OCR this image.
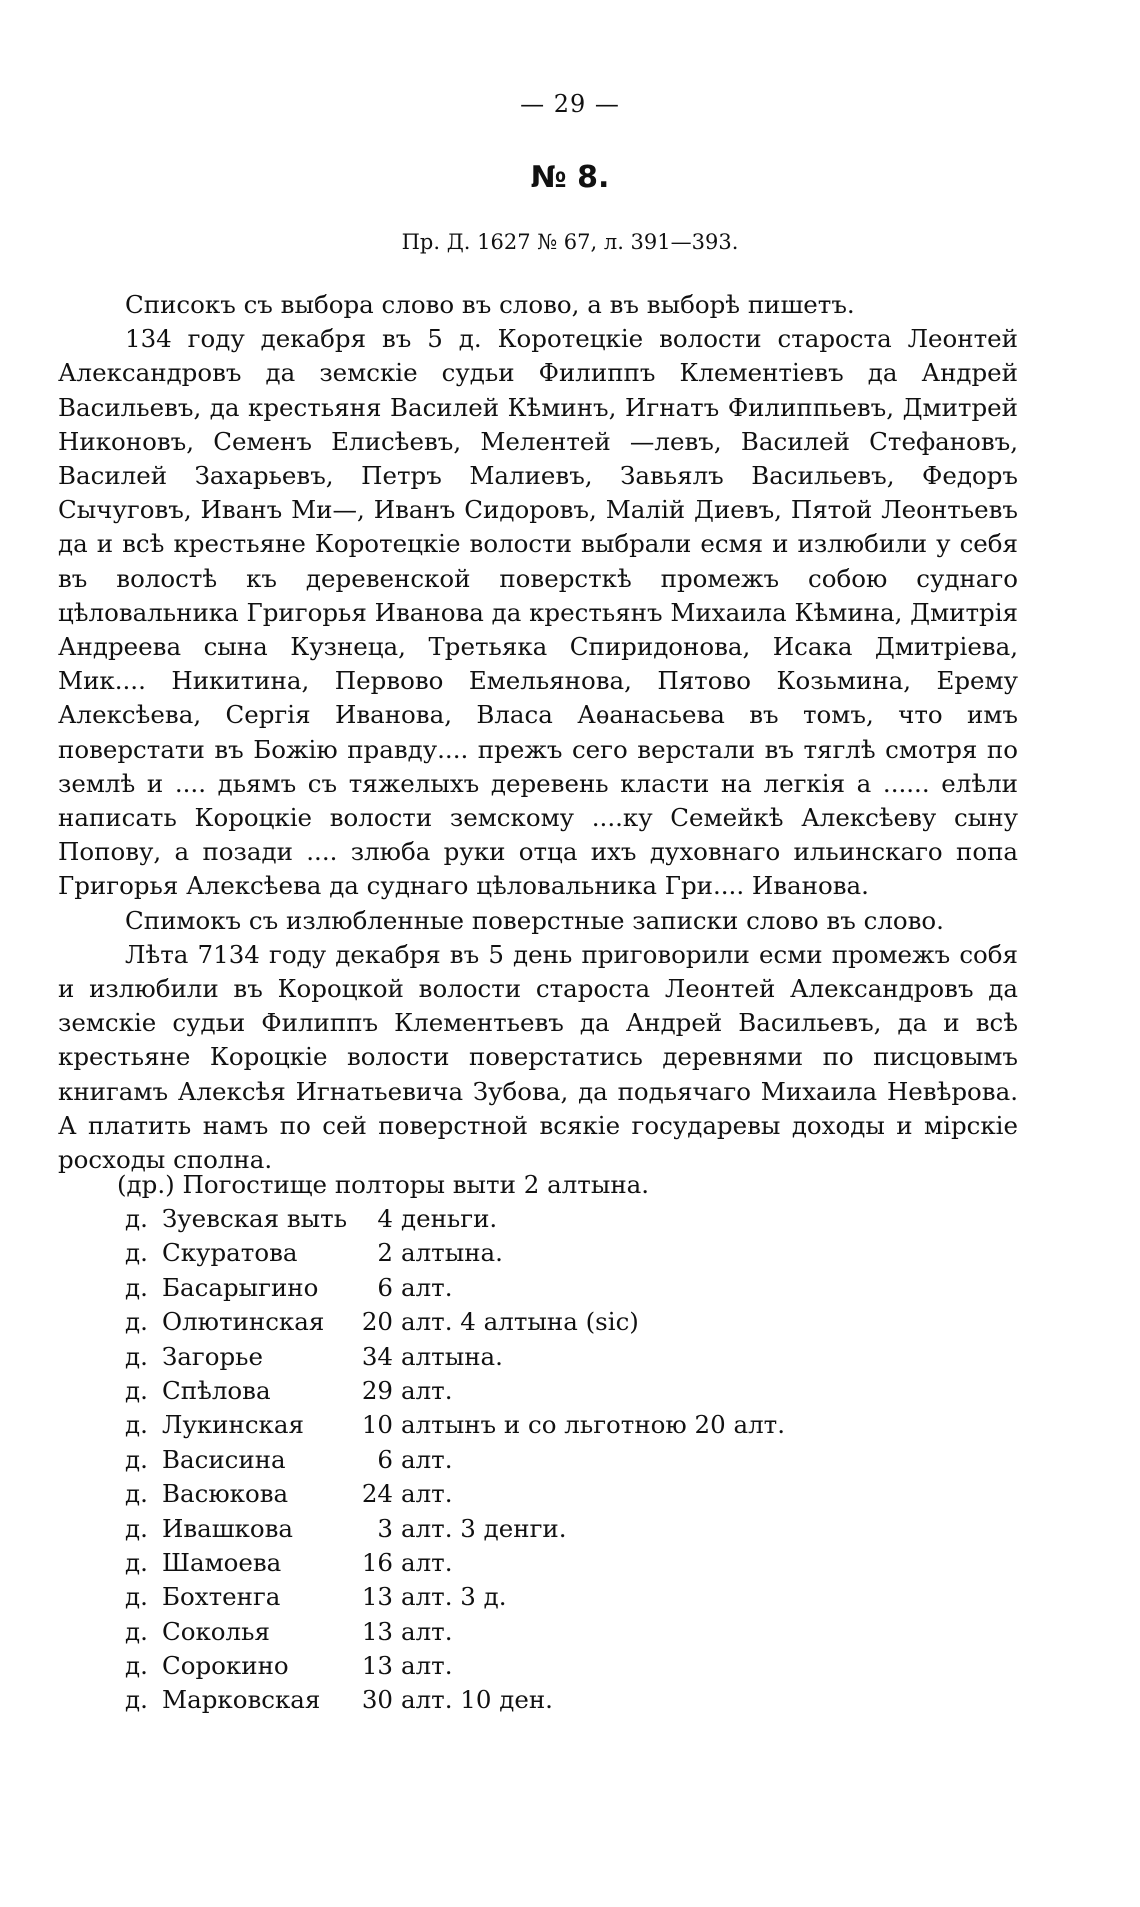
— 29 —
№ 8.
Пр. Д. 1627 № 67, л. 391—393.

Списокъ съ выбора слово въ слово, а въ выборѣ пишетъ.

134 году декабря въ 5 д. Коротецкіе волости староста Леонтей Александровъ да земскіе судьи Филиппъ Клементіевъ да Андрей Васильевъ, да крестьяня Василей Кѣминъ, Игнатъ Филиппьевъ, Дмитрей Никоновъ, Семенъ Елисѣевъ, Мелентей —левъ, Василей Стефановъ, Василей Захарьевъ, Петръ Малиевъ, Завьялъ Васильевъ, Федоръ Сычуговъ, Иванъ Ми—, Иванъ Сидоровъ, Малій Диевъ, Пятой Леонтьевъ да и всѣ крестьяне Коротецкіе волости выбрали есмя и излюбили у себя въ волостѣ къ деревенской поверсткѣ промежъ собою суднаго цѣловальника Григорья Иванова да крестьянъ Михаила Кѣмина, Дмитрія Андреева сына Кузнеца, Третьяка Спиридонова, Исака Дмитріева, Мик.... Никитина, Первово Емельянова, Пятово Козьмина, Ерему Алексѣева, Сергія Иванова, Власа Аѳанасьева въ томъ, что имъ поверстати въ Божію правду.... прежъ сего верстали въ тяглѣ смотря по землѣ и .... дьямъ съ тяжелыхъ деревень класти на легкія а ...... елѣли написать Короцкіе волости земскому ....ку Семейкѣ Алексѣеву сыну Попову, а позади .... злюба руки отца ихъ духовнаго ильинскаго попа Григорья Алексѣева да суднаго цѣловальника Гри.... Иванова.

Спимокъ съ излюбленные поверстные записки слово въ слово.

Лѣта 7134 году декабря въ 5 день приговорили есми промежъ собя и излюбили въ Короцкой волости староста Леонтей Александровъ да земскіе судьи Филиппъ Клементьевъ да Андрей Васильевъ, да и всѣ крестьяне Короцкіе волости поверстатись деревнями по писцовымъ книгамъ Алексѣя Игнатьевича Зубова, да подьячаго Михаила Невѣрова. А платить намъ по сей поверстной всякіе государевы доходы и мірскіе росходы сполна.

(др.) Погостище полторы выти 2 алтына.
д. Зуевская выть	4 деньги.
д. Скуратова	2 алтына.
д. Басарыгино	6 алт.
д. Олютинская	20 алт. 4 алтына (sic)
д. Загорье	34 алтына.
д. Спѣлова	29 алт.
д. Лукинская	10 алтынъ и со льготною 20 алт.
д. Васисина	6 алт.
д. Васюкова	24 алт.
д. Ивашкова	3 алт. 3 денги.
д. Шамоева	16 алт.
д. Бохтенга	13 алт. 3 д.
д. Соколья	13 алт.
д. Сорокино	13 алт.
д. Марковская	30 алт. 10 ден.
